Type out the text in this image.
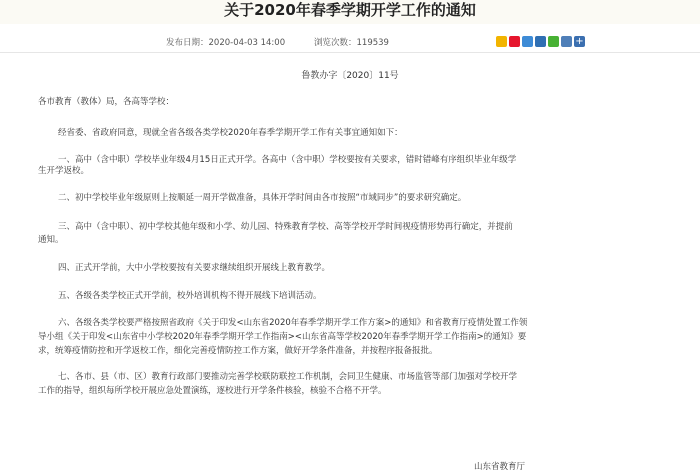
关于2020年春季学期开学工作的通知
发布日期：2020-04-03 14:00	浏览次数：119539	+
鲁教办字〔2020〕11号
各市教育（教体）局，各高等学校：
经省委、省政府同意，现就全省各级各类学校2020年春季学期开学工作有关事宜通知如下：
一、高中（含中职）学校毕业年级4月15日正式开学。各高中（含中职）学校要按有关要求，错时错峰有序组织毕业年级学
生开学返校。
二、初中学校毕业年级原则上按顺延一周开学做准备，具体开学时间由各市按照“市域同步”的要求研究确定。
三、高中（含中职）、初中学校其他年级和小学、幼儿园、特殊教育学校、高等学校开学时间视疫情形势再行确定，并提前
通知。
四、正式开学前，大中小学校要按有关要求继续组织开展线上教育教学。
五、各级各类学校正式开学前，校外培训机构不得开展线下培训活动。
六、各级各类学校要严格按照省政府《关于印发<山东省2020年春季学期开学工作方案>的通知》和省教育厅疫情处置工作领
导小组《关于印发<山东省中小学校2020年春季学期开学工作指南><山东省高等学校2020年春季学期开学工作指南>的通知》要
求，统筹疫情防控和开学返校工作，细化完善疫情防控工作方案，做好开学条件准备，并按程序报备报批。
七、各市、县（市、区）教育行政部门要推动完善学校联防联控工作机制，会同卫生健康、市场监管等部门加强对学校开学
工作的指导，组织每所学校开展应急处置演练，逐校进行开学条件核验，核验不合格不开学。
山东省教育厅
